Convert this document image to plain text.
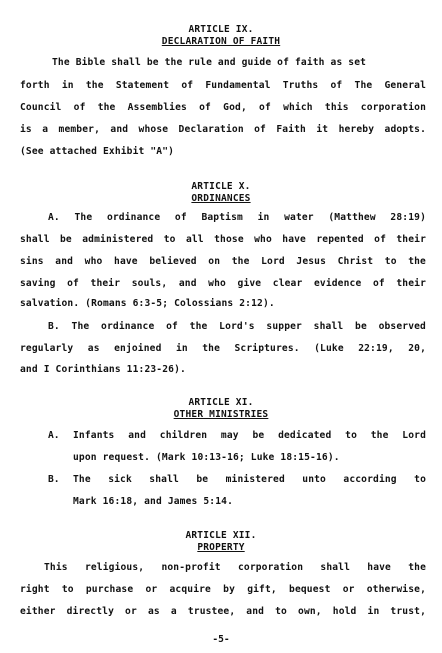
ARTICLE IX.
DECLARATION OF FAITH
The Bible shall be the rule and guide of faith as set
forth in the Statement of Fundamental Truths of The General
Council of the Assemblies of God, of which this corporation
is a member, and whose Declaration of Faith it hereby adopts.
(See attached Exhibit "A")
ARTICLE X.
ORDINANCES
A. The ordinance of Baptism in water (Matthew 28:19)
shall be administered to all those who have repented of their
sins and who have believed on the Lord Jesus Christ to the
saving of their souls, and who give clear evidence of their
salvation. (Romans 6:3-5; Colossians 2:12).
B. The ordinance of the Lord's supper shall be observed
regularly as enjoined in the Scriptures. (Luke 22:19, 20,
and I Corinthians 11:23-26).
ARTICLE XI.
OTHER MINISTRIES
A. Infants and children may be dedicated to the Lord
upon request. (Mark 10:13-16; Luke 18:15-16).
B. The sick shall be ministered unto according to
Mark 16:18, and James 5:14.
ARTICLE XII.
PROPERTY
This religious, non-profit corporation shall have the
right to purchase or acquire by gift, bequest or otherwise,
either directly or as a trustee, and to own, hold in trust,
-5-
